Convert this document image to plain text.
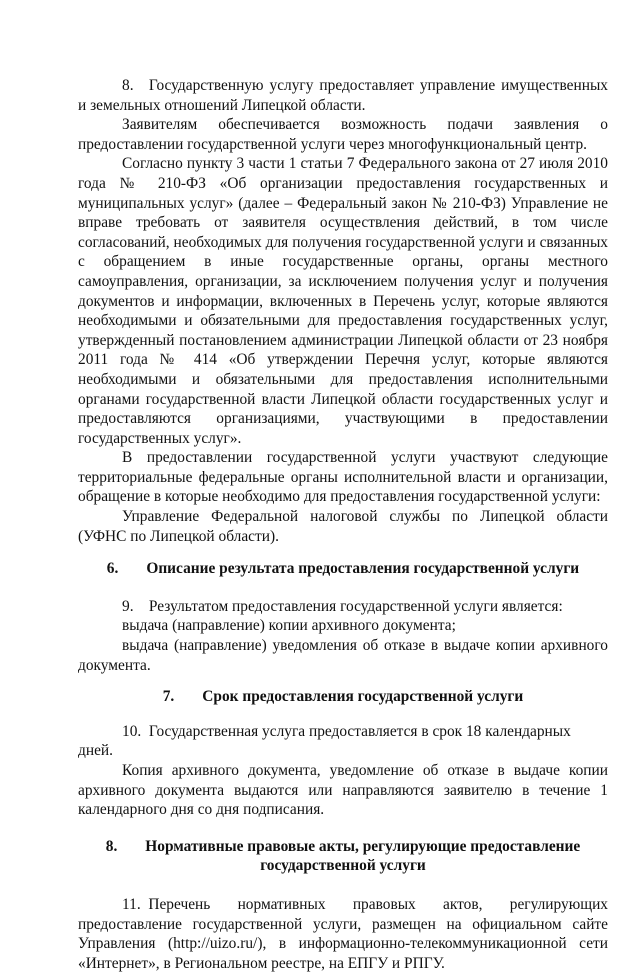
8. Государственную услугу предоставляет управление имущественных и земельных отношений Липецкой области.

Заявителям обеспечивается возможность подачи заявления о предоставлении государственной услуги через многофункциональный центр.

Согласно пункту 3 части 1 статьи 7 Федерального закона от 27 июля 2010 года № 210-ФЗ «Об организации предоставления государственных и муниципальных услуг» (далее – Федеральный закон № 210-ФЗ) Управление не вправе требовать от заявителя осуществления действий, в том числе согласований, необходимых для получения государственной услуги и связанных с обращением в иные государственные органы, органы местного самоуправления, организации, за исключением получения услуг и получения документов и информации, включенных в Перечень услуг, которые являются необходимыми и обязательными для предоставления государственных услуг, утвержденный постановлением администрации Липецкой области от 23 ноября 2011 года № 414 «Об утверждении Перечня услуг, которые являются необходимыми и обязательными для предоставления исполнительными органами государственной власти Липецкой области государственных услуг и предоставляются организациями, участвующими в предоставлении государственных услуг».

В предоставлении государственной услуги участвуют следующие территориальные федеральные органы исполнительной власти и организации, обращение в которые необходимо для предоставления государственной услуги:

Управление Федеральной налоговой службы по Липецкой области (УФНС по Липецкой области).

6. Описание результата предоставления государственной услуги

9. Результатом предоставления государственной услуги является:

выдача (направление) копии архивного документа;

выдача (направление) уведомления об отказе в выдаче копии архивного документа.

7. Срок предоставления государственной услуги

10. Государственная услуга предоставляется в срок 18 календарных дней.

Копия архивного документа, уведомление об отказе в выдаче копии архивного документа выдаются или направляются заявителю в течение 1 календарного дня со дня подписания.

8. Нормативные правовые акты, регулирующие предоставление
государственной услуги

11. Перечень нормативных правовых актов, регулирующих предоставление государственной услуги, размещен на официальном сайте Управления (http://uizo.ru/), в информационно-телекоммуникационной сети «Интернет», в Региональном реестре, на ЕПГУ и РПГУ.
